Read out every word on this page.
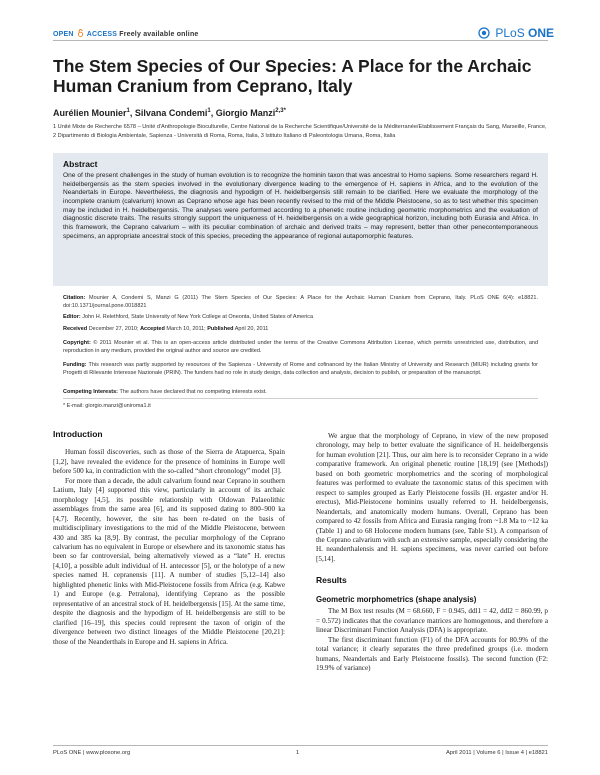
OPEN ACCESS Freely available online	PLoS ONE
The Stem Species of Our Species: A Place for the Archaic Human Cranium from Ceprano, Italy
Aurélien Mounier$^1$, Silvana Condemi$^1$, Giorgio Manzi$^{2,3*}$

1 Unité Mixte de Recherche 6578 – Unité d'Anthropologie Bioculturelle, Centre National de la Recherche Scientifique/Université de la Méditerranée/Etablissement Français du Sang, Marseille, France, 2 Dipartimento di Biologia Ambientale, Sapienza - Università di Roma, Roma, Italia, 3 Istituto Italiano di Paleontologia Umana, Roma, Italia

Abstract

One of the present challenges in the study of human evolution is to recognize the hominin taxon that was ancestral to Homo sapiens. Some researchers regard H. heidelbergensis as the stem species involved in the evolutionary divergence leading to the emergence of H. sapiens in Africa, and to the evolution of the Neandertals in Europe. Nevertheless, the diagnosis and hypodigm of H. heidelbergensis still remain to be clarified. Here we evaluate the morphology of the incomplete cranium (calvarium) known as Ceprano whose age has been recently revised to the mid of the Middle Pleistocene, so as to test whether this specimen may be included in H. heidelbergensis. The analyses were performed according to a phenetic routine including geometric morphometrics and the evaluation of diagnostic discrete traits. The results strongly support the uniqueness of H. heidelbergensis on a wide geographical horizon, including both Eurasia and Africa. In this framework, the Ceprano calvarium – with its peculiar combination of archaic and derived traits – may represent, better than other penecontemporaneous specimens, an appropriate ancestral stock of this species, preceding the appearance of regional autapomorphic features.

Citation: Mounier A, Condemi S, Manzi G (2011) The Stem Species of Our Species: A Place for the Archaic Human Cranium from Ceprano, Italy. PLoS ONE 6(4): e18821. doi:10.1371/journal.pone.0018821

Editor: John H. Relethford, State University of New York College at Oneonta, United States of America

Received December 27, 2010; Accepted March 10, 2011; Published April 20, 2011

Copyright: © 2011 Mounier et al. This is an open-access article distributed under the terms of the Creative Commons Attribution License, which permits unrestricted use, distribution, and reproduction in any medium, provided the original author and source are credited.

Funding: This research was partly supported by resources of the Sapienza - University of Rome and cofinanced by the Italian Ministry of University and Research (MIUR) including grants for Progetti di Rilevante Interesse Nazionale (PRIN). The funders had no role in study design, data collection and analysis, decision to publish, or preparation of the manuscript.

Competing Interests: The authors have declared that no competing interests exist.

* E-mail: giorgio.manzi@uniroma1.it

Introduction

Human fossil discoveries, such as those of the Sierra de Atapuerca, Spain [1,2], have revealed the evidence for the presence of hominins in Europe well before 500 ka, in contradiction with the so-called “short chronology” model [3].

For more than a decade, the adult calvarium found near Ceprano in southern Latium, Italy [4] supported this view, particularly in account of its archaic morphology [4,5], its possible relationship with Oldowan Palaeolithic assemblages from the same area [6], and its supposed dating to 800–900 ka [4,7]. Recently, however, the site has been re-dated on the basis of multidisciplinary investigations to the mid of the Middle Pleistocene, between 430 and 385 ka [8,9]. By contrast, the peculiar morphology of the Ceprano calvarium has no equivalent in Europe or elsewhere and its taxonomic status has been so far controversial, being alternatively viewed as a “late” H. erectus [4,10], a possible adult individual of H. antecessor [5], or the holotype of a new species named H. cepranensis [11]. A number of studies [5,12–14] also highlighted phenetic links with Mid-Pleistocene fossils from Africa (e.g. Kabwe 1) and Europe (e.g. Petralona), identifying Ceprano as the possible representative of an ancestral stock of H. heidelbergensis [15]. At the same time, despite the diagnosis and the hypodigm of H. heidelbergensis are still to be clarified [16–19], this species could represent the taxon of origin of the divergence between two distinct lineages of the Middle Pleistocene [20,21]: those of the Neanderthals in Europe and H. sapiens in Africa.

We argue that the morphology of Ceprano, in view of the new proposed chronology, may help to better evaluate the significance of H. heidelbergensis for human evolution [21]. Thus, our aim here is to reconsider Ceprano in a wide comparative framework. An original phenetic routine [18,19] (see [Methods]) based on both geometric morphometrics and the scoring of morphological features was performed to evaluate the taxonomic status of this specimen with respect to samples grouped as Early Pleistocene fossils (H. ergaster and/or H. erectus), Mid-Pleistocene hominins usually referred to H. heidelbergensis, Neandertals, and anatomically modern humans. Overall, Ceprano has been compared to 42 fossils from Africa and Eurasia ranging from ~1.8 Ma to ~12 ka (Table 1) and to 68 Holocene modern humans (see, Table S1). A comparison of the Ceprano calvarium with such an extensive sample, especially considering the H. neanderthalensis and H. sapiens specimens, was never carried out before [5,14].

Results
Geometric morphometrics (shape analysis)

The M Box test results (M = 68.660, F = 0.945, ddl1 = 42, ddl2 = 860.99, p = 0.572) indicates that the covariance matrices are homogenous, and therefore a linear Discriminant Function Analysis (DFA) is appropriate.

The first discriminant function (F1) of the DFA accounts for 80.9% of the total variance; it clearly separates the three predefined groups (i.e. modern humans, Neandertals and Early Pleistocene fossils). The second function (F2: 19.9% of variance)

PLoS ONE | www.plosone.org	1	April 2011 | Volume 6 | Issue 4 | e18821
